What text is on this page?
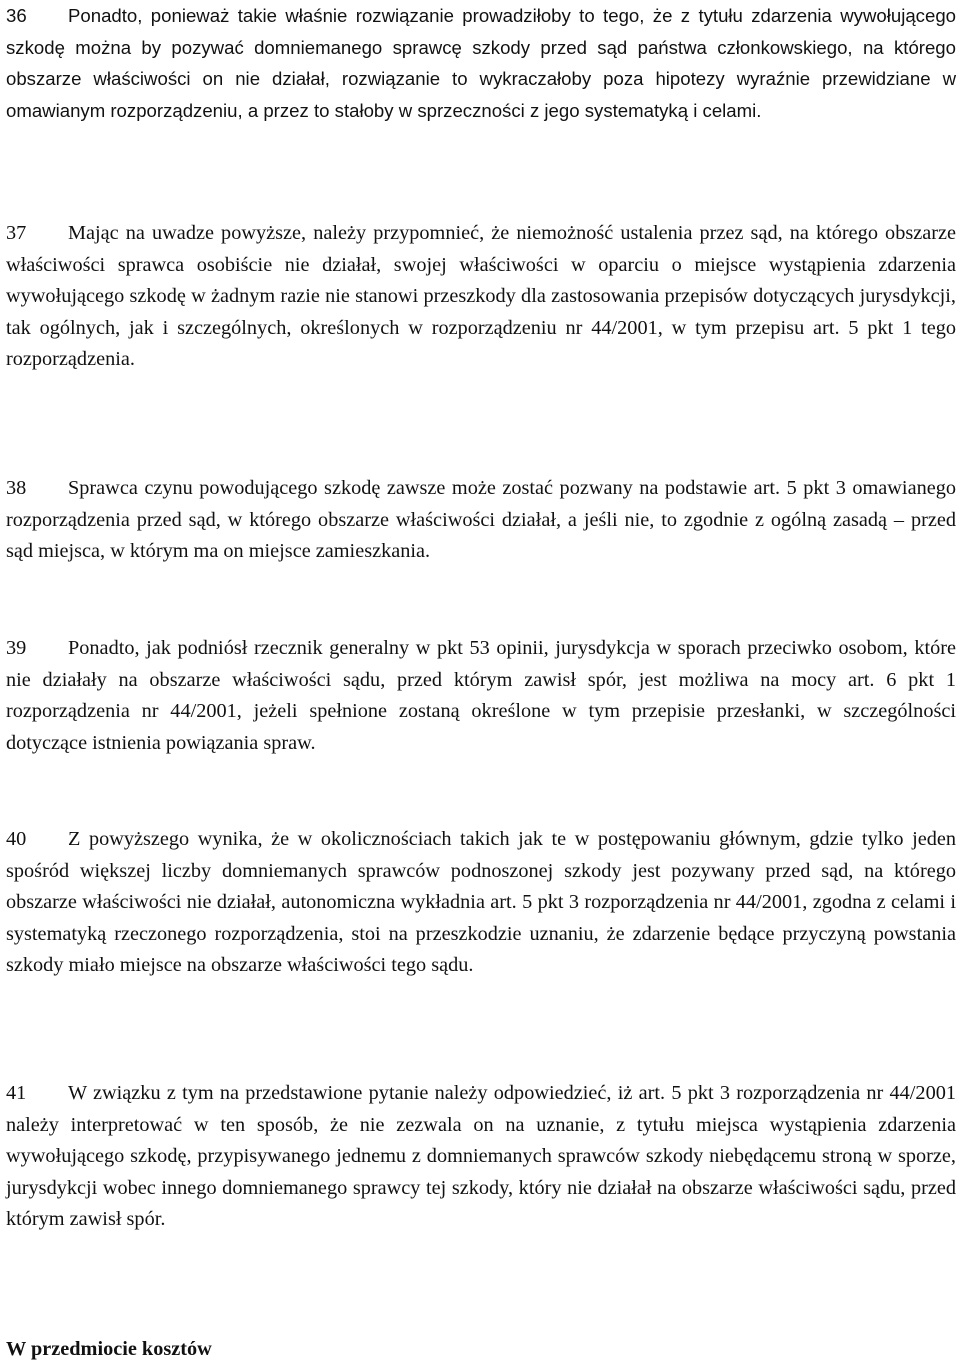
36 Ponadto, ponieważ takie właśnie rozwiązanie prowadziłoby to tego, że z tytułu zdarzenia wywołującego szkodę można by pozywać domniemanego sprawcę szkody przed sąd państwa członkowskiego, na którego obszarze właściwości on nie działał, rozwiązanie to wykraczałoby poza hipotezy wyraźnie przewidziane w omawianym rozporządzeniu, a przez to stałoby w sprzeczności z jego systematyką i celami.

37 Mając na uwadze powyższe, należy przypomnieć, że niemożność ustalenia przez sąd, na którego obszarze właściwości sprawca osobiście nie działał, swojej właściwości w oparciu o miejsce wystąpienia zdarzenia wywołującego szkodę w żadnym razie nie stanowi przeszkody dla zastosowania przepisów dotyczących jurysdykcji, tak ogólnych, jak i szczególnych, określonych w rozporządzeniu nr 44/2001, w tym przepisu art. 5 pkt 1 tego rozporządzenia.

38 Sprawca czynu powodującego szkodę zawsze może zostać pozwany na podstawie art. 5 pkt 3 omawianego rozporządzenia przed sąd, w którego obszarze właściwości działał, a jeśli nie, to zgodnie z ogólną zasadą – przed sąd miejsca, w którym ma on miejsce zamieszkania.

39 Ponadto, jak podniósł rzecznik generalny w pkt 53 opinii, jurysdykcja w sporach przeciwko osobom, które nie działały na obszarze właściwości sądu, przed którym zawisł spór, jest możliwa na mocy art. 6 pkt 1 rozporządzenia nr 44/2001, jeżeli spełnione zostaną określone w tym przepisie przesłanki, w szczególności dotyczące istnienia powiązania spraw.

40 Z powyższego wynika, że w okolicznościach takich jak te w postępowaniu głównym, gdzie tylko jeden spośród większej liczby domniemanych sprawców podnoszonej szkody jest pozywany przed sąd, na którego obszarze właściwości nie działał, autonomiczna wykładnia art. 5 pkt 3 rozporządzenia nr 44/2001, zgodna z celami i systematyką rzeczonego rozporządzenia, stoi na przeszkodzie uznaniu, że zdarzenie będące przyczyną powstania szkody miało miejsce na obszarze właściwości tego sądu.

41 W związku z tym na przedstawione pytanie należy odpowiedzieć, iż art. 5 pkt 3 rozporządzenia nr 44/2001 należy interpretować w ten sposób, że nie zezwala on na uznanie, z tytułu miejsca wystąpienia zdarzenia wywołującego szkodę, przypisywanego jednemu z domniemanych sprawców szkody niebędącemu stroną w sporze, jurysdykcji wobec innego domniemanego sprawcy tej szkody, który nie działał na obszarze właściwości sądu, przed którym zawisł spór.

W przedmiocie kosztów
